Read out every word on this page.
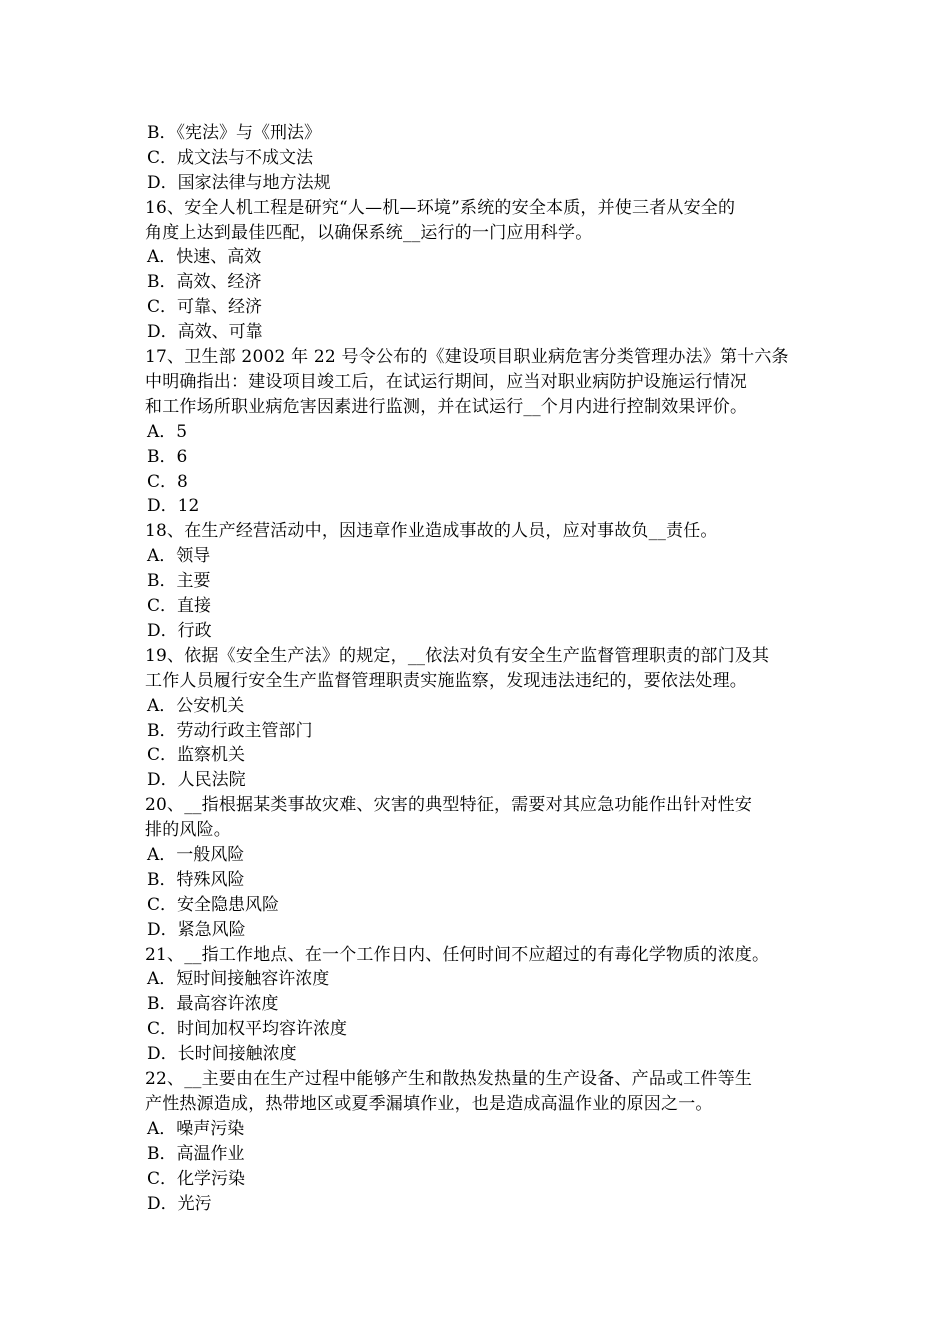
B．《宪法》与《刑法》
C．成文法与不成文法
D．国家法律与地方法规
16、安全人机工程是研究“人—机—环境”系统的安全本质，并使三者从安全的
角度上达到最佳匹配，以确保系统__运行的一门应用科学。
A．快速、高效
B．高效、经济
C．可靠、经济
D．高效、可靠
17、卫生部 2002 年 22 号令公布的《建设项目职业病危害分类管理办法》第十六条
中明确指出：建设项目竣工后，在试运行期间，应当对职业病防护设施运行情况
和工作场所职业病危害因素进行监测，并在试运行__个月内进行控制效果评价。
A．5
B．6
C．8
D．12
18、在生产经营活动中，因违章作业造成事故的人员，应对事故负__责任。
A．领导
B．主要
C．直接
D．行政
19、依据《安全生产法》的规定，__依法对负有安全生产监督管理职责的部门及其
工作人员履行安全生产监督管理职责实施监察，发现违法违纪的，要依法处理。
A．公安机关
B．劳动行政主管部门
C．监察机关
D．人民法院
20、__指根据某类事故灾难、灾害的典型特征，需要对其应急功能作出针对性安
排的风险。
A．一般风险
B．特殊风险
C．安全隐患风险
D．紧急风险
21、__指工作地点、在一个工作日内、任何时间不应超过的有毒化学物质的浓度。
A．短时间接触容许浓度
B．最高容许浓度
C．时间加权平均容许浓度
D．长时间接触浓度
22、__主要由在生产过程中能够产生和散热发热量的生产设备、产品或工件等生
产性热源造成，热带地区或夏季漏填作业，也是造成高温作业的原因之一。
A．噪声污染
B．高温作业
C．化学污染
D．光污
